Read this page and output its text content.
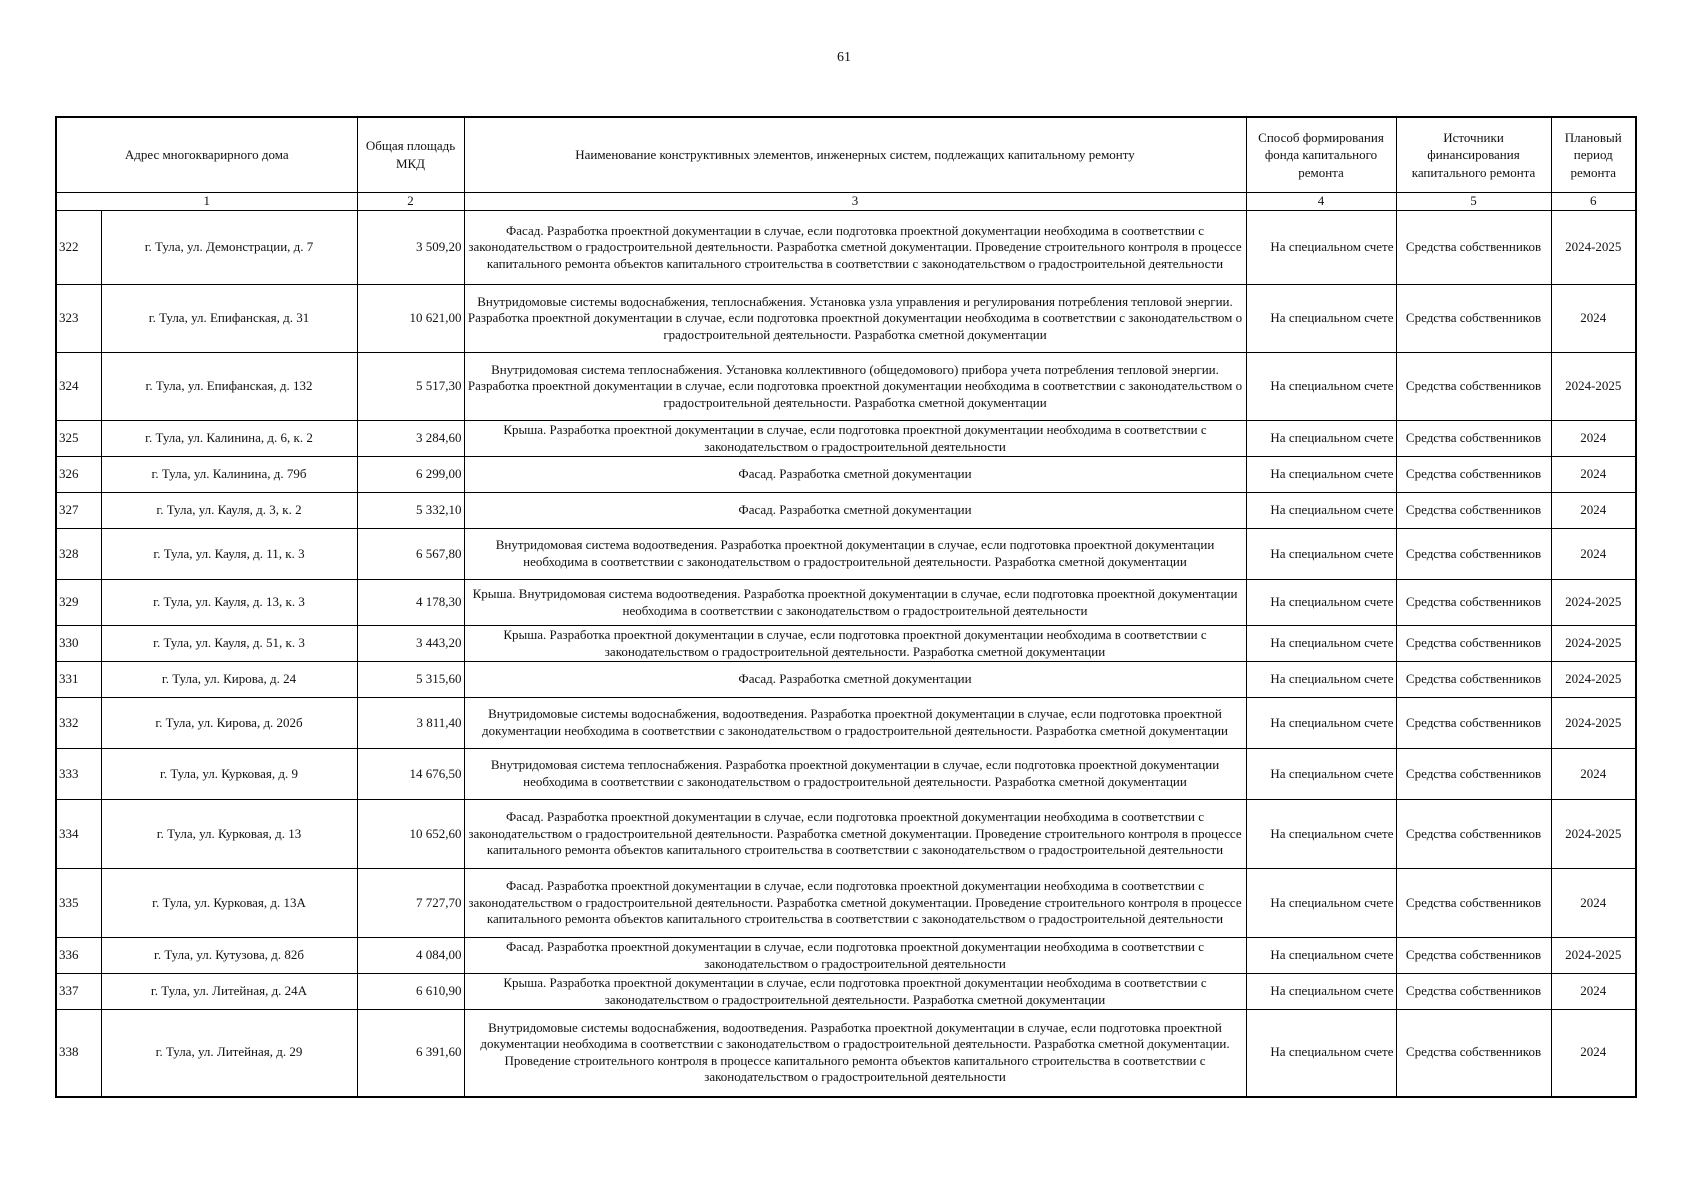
61
Адрес многокварирного дома		Общая площадь МКД	Наименование конструктивных элементов, инженерных систем, подлежащих капитальному ремонту	Способ формирования фонда капитального ремонта	Источники финансирования капитального ремонта	Плановый период ремонта
1		2	3	4	5	6
322	г. Тула, ул. Демонстрации, д. 7	3 509,20	Фасад. Разработка проектной документации в случае, если подготовка проектной документации необходима в соответствии с законодательством о градостроительной деятельности. Разработка сметной документации. Проведение строительного контроля в процессе капитального ремонта объектов капитального строительства в соответствии с законодательством о градостроительной деятельности	На специальном счете	Средства собственников	2024-2025
323	г. Тула, ул. Епифанская, д. 31	10 621,00	Внутридомовые системы водоснабжения, теплоснабжения. Установка узла управления и регулирования потребления тепловой энергии. Разработка проектной документации в случае, если подготовка проектной документации необходима в соответствии с законодательством о градостроительной деятельности. Разработка сметной документации	На специальном счете	Средства собственников	2024
324	г. Тула, ул. Епифанская, д. 132	5 517,30	Внутридомовая система теплоснабжения. Установка коллективного (общедомового) прибора учета потребления тепловой энергии. Разработка проектной документации в случае, если подготовка проектной документации необходима в соответствии с законодательством о градостроительной деятельности. Разработка сметной документации	На специальном счете	Средства собственников	2024-2025
325	г. Тула, ул. Калинина, д. 6, к. 2	3 284,60	Крыша. Разработка проектной документации в случае, если подготовка проектной документации необходима в соответствии с законодательством о градостроительной деятельности	На специальном счете	Средства собственников	2024
326	г. Тула, ул. Калинина, д. 79б	6 299,00	Фасад. Разработка сметной документации	На специальном счете	Средства собственников	2024
327	г. Тула, ул. Кауля, д. 3, к. 2	5 332,10	Фасад. Разработка сметной документации	На специальном счете	Средства собственников	2024
328	г. Тула, ул. Кауля, д. 11, к. 3	6 567,80	Внутридомовая система водоотведения. Разработка проектной документации в случае, если подготовка проектной документации необходима в соответствии с законодательством о градостроительной деятельности. Разработка сметной документации	На специальном счете	Средства собственников	2024
329	г. Тула, ул. Кауля, д. 13, к. 3	4 178,30	Крыша. Внутридомовая система водоотведения. Разработка проектной документации в случае, если подготовка проектной документации необходима в соответствии с законодательством о градостроительной деятельности	На специальном счете	Средства собственников	2024-2025
330	г. Тула, ул. Кауля, д. 51, к. 3	3 443,20	Крыша. Разработка проектной документации в случае, если подготовка проектной документации необходима в соответствии с законодательством о градостроительной деятельности. Разработка сметной документации	На специальном счете	Средства собственников	2024-2025
331	г. Тула, ул. Кирова, д. 24	5 315,60	Фасад. Разработка сметной документации	На специальном счете	Средства собственников	2024-2025
332	г. Тула, ул. Кирова, д. 202б	3 811,40	Внутридомовые системы водоснабжения, водоотведения. Разработка проектной документации в случае, если подготовка проектной документации необходима в соответствии с законодательством о градостроительной деятельности. Разработка сметной документации	На специальном счете	Средства собственников	2024-2025
333	г. Тула, ул. Курковая, д. 9	14 676,50	Внутридомовая система теплоснабжения. Разработка проектной документации в случае, если подготовка проектной документации необходима в соответствии с законодательством о градостроительной деятельности. Разработка сметной документации	На специальном счете	Средства собственников	2024
334	г. Тула, ул. Курковая, д. 13	10 652,60	Фасад. Разработка проектной документации в случае, если подготовка проектной документации необходима в соответствии с законодательством о градостроительной деятельности. Разработка сметной документации. Проведение строительного контроля в процессе капитального ремонта объектов капитального строительства в соответствии с законодательством о градостроительной деятельности	На специальном счете	Средства собственников	2024-2025
335	г. Тула, ул. Курковая, д. 13А	7 727,70	Фасад. Разработка проектной документации в случае, если подготовка проектной документации необходима в соответствии с законодательством о градостроительной деятельности. Разработка сметной документации. Проведение строительного контроля в процессе капитального ремонта объектов капитального строительства в соответствии с законодательством о градостроительной деятельности	На специальном счете	Средства собственников	2024
336	г. Тула, ул. Кутузова, д. 82б	4 084,00	Фасад. Разработка проектной документации в случае, если подготовка проектной документации необходима в соответствии с законодательством о градостроительной деятельности	На специальном счете	Средства собственников	2024-2025
337	г. Тула, ул. Литейная, д. 24А	6 610,90	Крыша. Разработка проектной документации в случае, если подготовка проектной документации необходима в соответствии с законодательством о градостроительной деятельности. Разработка сметной документации	На специальном счете	Средства собственников	2024
338	г. Тула, ул. Литейная, д. 29	6 391,60	Внутридомовые системы водоснабжения, водоотведения. Разработка проектной документации в случае, если подготовка проектной документации необходима в соответствии с законодательством о градостроительной деятельности. Разработка сметной документации. Проведение строительного контроля в процессе капитального ремонта объектов капитального строительства в соответствии с законодательством о градостроительной деятельности	На специальном счете	Средства собственников	2024
